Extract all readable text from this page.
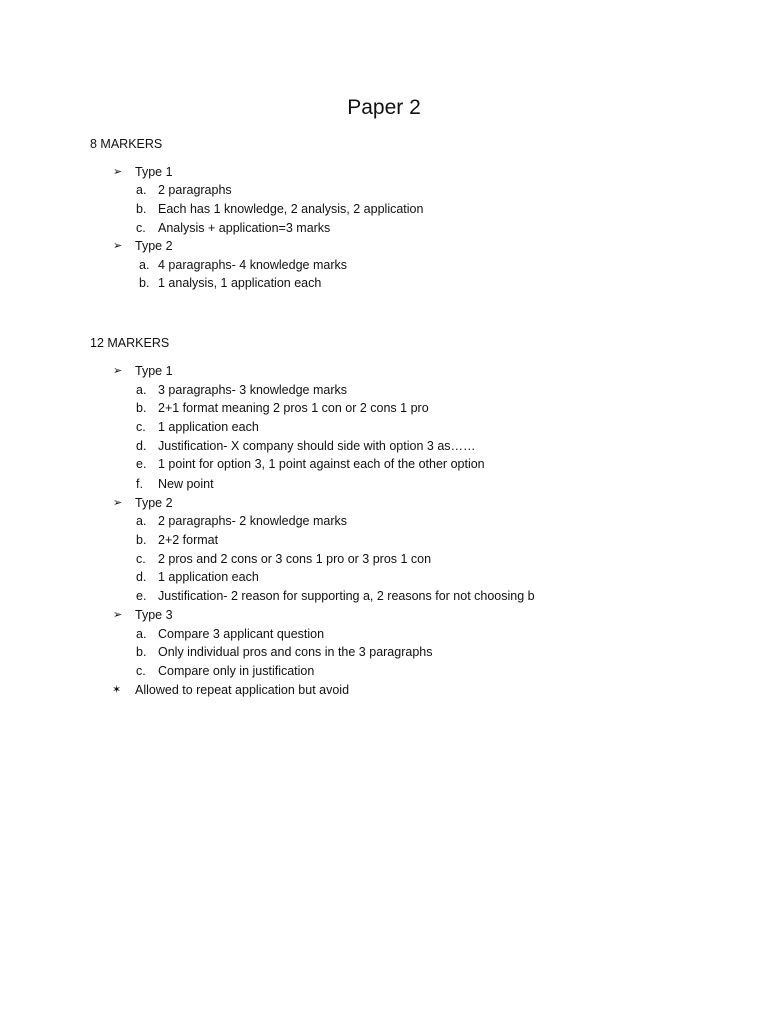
Paper 2
8 MARKERS
➢	Type 1
a. 2 paragraphs
b. Each has 1 knowledge, 2 analysis, 2 application
c. Analysis + application=3 marks
➢	Type 2
a. 4 paragraphs- 4 knowledge marks
b. 1 analysis, 1 application each
12 MARKERS
➢	Type 1
a. 3 paragraphs- 3 knowledge marks
b. 2+1 format meaning 2 pros 1 con or 2 cons 1 pro
c. 1 application each
d. Justification- X company should side with option 3 as……
e. 1 point for option 3, 1 point against each of the other option
f. New point
➢	Type 2
a. 2 paragraphs- 2 knowledge marks
b. 2+2 format
c. 2 pros and 2 cons or 3 cons 1 pro or 3 pros 1 con
d. 1 application each
e. Justification- 2 reason for supporting a, 2 reasons for not choosing b
➢	Type 3
a. Compare 3 applicant question
b. Only individual pros and cons in the 3 paragraphs
c. Compare only in justification
✶	Allowed to repeat application but avoid
